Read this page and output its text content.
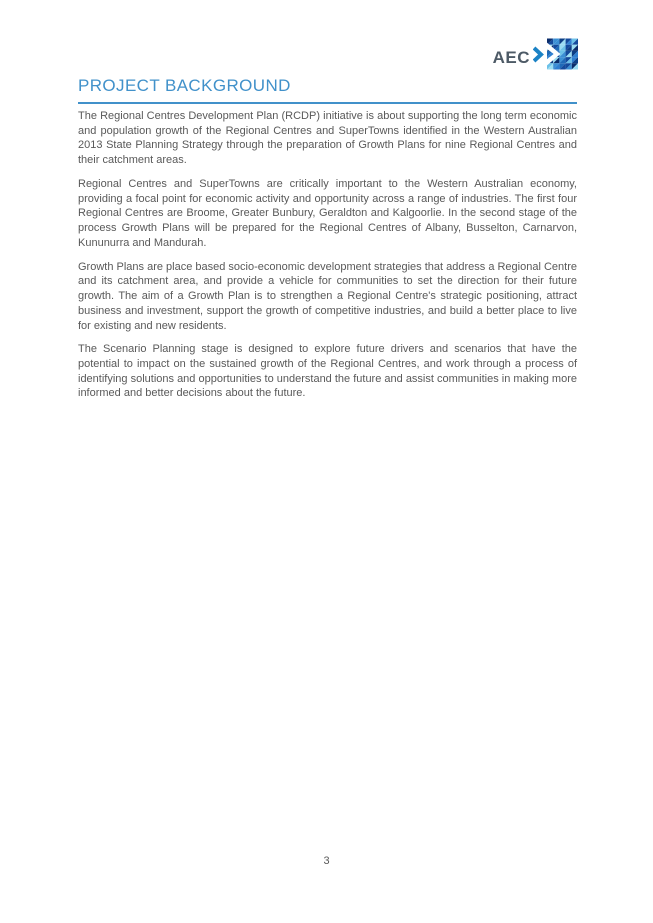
AEC
PROJECT BACKGROUND

The Regional Centres Development Plan (RCDP) initiative is about supporting the long term economic and population growth of the Regional Centres and SuperTowns identified in the Western Australian 2013 State Planning Strategy through the preparation of Growth Plans for nine Regional Centres and their catchment areas.

Regional Centres and SuperTowns are critically important to the Western Australian economy, providing a focal point for economic activity and opportunity across a range of industries. The first four Regional Centres are Broome, Greater Bunbury, Geraldton and Kalgoorlie. In the second stage of the process Growth Plans will be prepared for the Regional Centres of Albany, Busselton, Carnarvon, Kununurra and Mandurah.

Growth Plans are place based socio-economic development strategies that address a Regional Centre and its catchment area, and provide a vehicle for communities to set the direction for their future growth. The aim of a Growth Plan is to strengthen a Regional Centre's strategic positioning, attract business and investment, support the growth of competitive industries, and build a better place to live for existing and new residents.

The Scenario Planning stage is designed to explore future drivers and scenarios that have the potential to impact on the sustained growth of the Regional Centres, and work through a process of identifying solutions and opportunities to understand the future and assist communities in making more informed and better decisions about the future.

3
